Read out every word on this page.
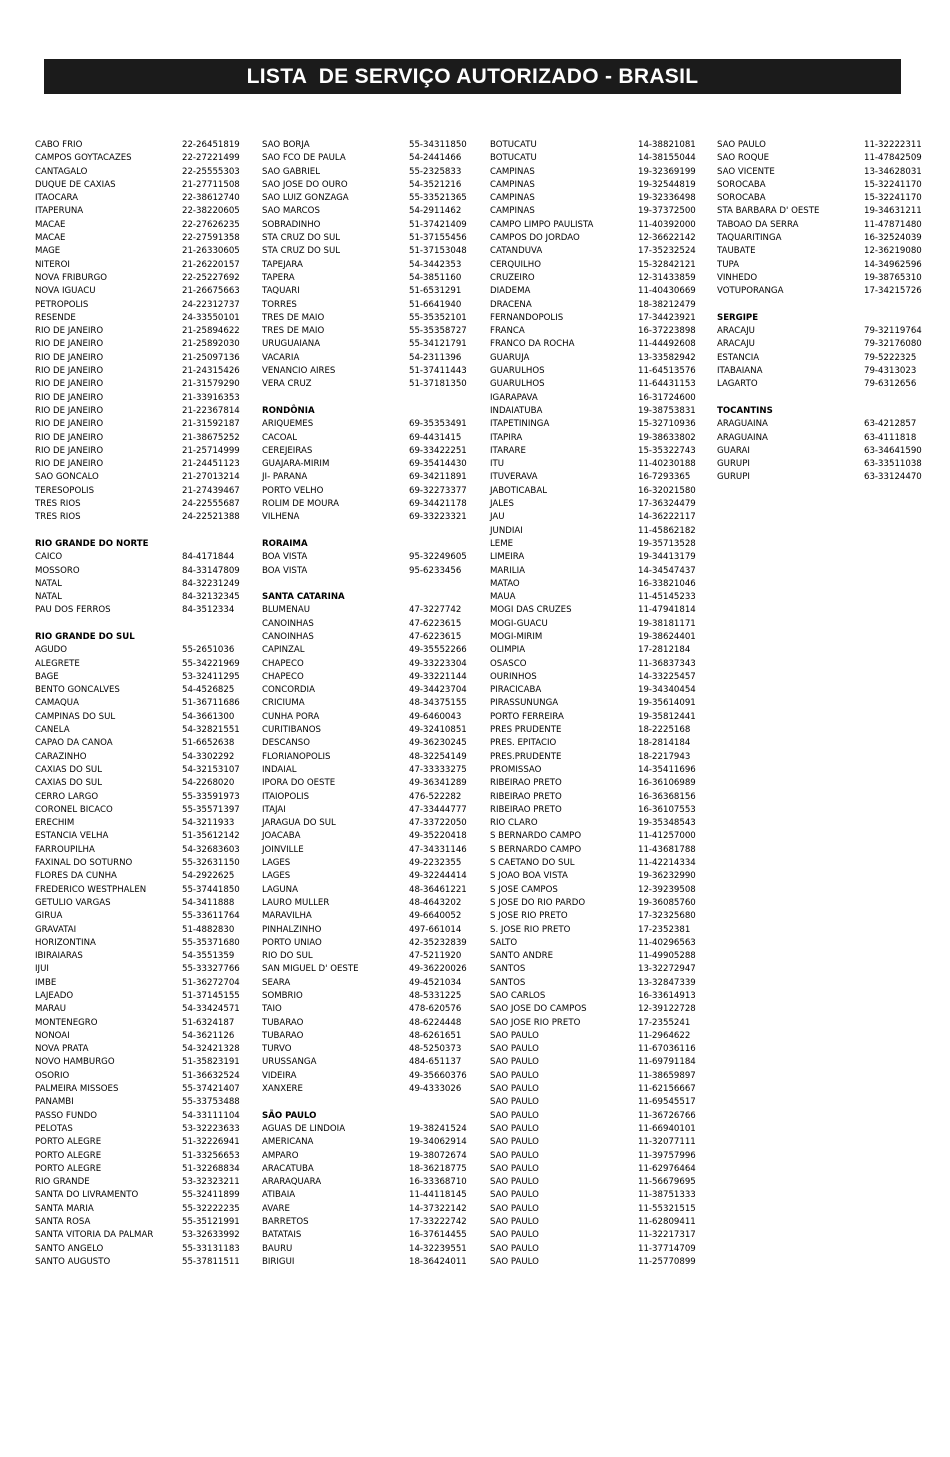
LISTA  DE SERVIÇO AUTORIZADO - BRASIL
CABO FRIO	22-26451819
CAMPOS GOYTACAZES	22-27221499
CANTAGALO	22-25555303
DUQUE DE CAXIAS	21-27711508
ITAOCARA	22-38612740
ITAPERUNA	22-38220605
MACAE	22-27626235
MACAE	22-27591358
MAGE	21-26330605
NITEROI	21-26220157
NOVA FRIBURGO	22-25227692
NOVA IGUACU	21-26675663
PETROPOLIS	24-22312737
RESENDE	24-33550101
RIO DE JANEIRO	21-25894622
RIO DE JANEIRO	21-25892030
RIO DE JANEIRO	21-25097136
RIO DE JANEIRO	21-24315426
RIO DE JANEIRO	21-31579290
RIO DE JANEIRO	21-33916353
RIO DE JANEIRO	21-22367814
RIO DE JANEIRO	21-31592187
RIO DE JANEIRO	21-38675252
RIO DE JANEIRO	21-25714999
RIO DE JANEIRO	21-24451123
SAO GONCALO	21-27013214
TERESOPOLIS	21-27439467
TRES RIOS	24-22555687
TRES RIOS	24-22521388
RIO GRANDE DO NORTE
CAICO	84-4171844
MOSSORO	84-33147809
NATAL	84-32231249
NATAL	84-32132345
PAU DOS FERROS	84-3512334
RIO GRANDE DO SUL
AGUDO	55-2651036
ALEGRETE	55-34221969
BAGE	53-32411295
BENTO GONCALVES	54-4526825
CAMAQUA	51-36711686
CAMPINAS DO SUL	54-3661300
CANELA	54-32821551
CAPAO DA CANOA	51-6652638
CARAZINHO	54-3302292
CAXIAS DO SUL	54-32153107
CAXIAS DO SUL	54-2268020
CERRO LARGO	55-33591973
CORONEL BICACO	55-35571397
ERECHIM	54-3211933
ESTANCIA VELHA	51-35612142
FARROUPILHA	54-32683603
FAXINAL DO SOTURNO	55-32631150
FLORES DA CUNHA	54-2922625
FREDERICO WESTPHALEN	55-37441850
GETULIO VARGAS	54-3411888
GIRUA	55-33611764
GRAVATAI	51-4882830
HORIZONTINA	55-35371680
IBIRAIARAS	54-3551359
IJUI	55-33327766
IMBE	51-36272704
LAJEADO	51-37145155
MARAU	54-33424571
MONTENEGRO	51-6324187
NONOAI	54-3621126
NOVA PRATA	54-32421328
NOVO HAMBURGO	51-35823191
OSORIO	51-36632524
PALMEIRA MISSOES	55-37421407
PANAMBI	55-33753488
PASSO FUNDO	54-33111104
PELOTAS	53-32223633
PORTO ALEGRE	51-32226941
PORTO ALEGRE	51-33256653
PORTO ALEGRE	51-32268834
RIO GRANDE	53-32323211
SANTA DO LIVRAMENTO	55-32411899
SANTA MARIA	55-32222235
SANTA ROSA	55-35121991
SANTA VITORIA DA PALMAR	53-32633992
SANTO ANGELO	55-33131183
SANTO AUGUSTO	55-37811511
SAO BORJA	55-34311850
SAO FCO DE PAULA	54-2441466
SAO GABRIEL	55-2325833
SAO JOSE DO OURO	54-3521216
SAO LUIZ GONZAGA	55-33521365
SAO MARCOS	54-2911462
SOBRADINHO	51-37421409
STA CRUZ DO SUL	51-37155456
STA CRUZ DO SUL	51-37153048
TAPEJARA	54-3442353
TAPERA	54-3851160
TAQUARI	51-6531291
TORRES	51-6641940
TRES DE MAIO	55-35352101
TRES DE MAIO	55-35358727
URUGUAIANA	55-34121791
VACARIA	54-2311396
VENANCIO AIRES	51-37411443
VERA CRUZ	51-37181350
RONDÔNIA
ARIQUEMES	69-35353491
CACOAL	69-4431415
CEREJEIRAS	69-33422251
GUAJARA-MIRIM	69-35414430
JI- PARANA	69-34211891
PORTO VELHO	69-32273377
ROLIM DE MOURA	69-34421178
VILHENA	69-33223321
RORAIMA
BOA VISTA	95-32249605
BOA VISTA	95-6233456
SANTA CATARINA
BLUMENAU	47-3227742
CANOINHAS	47-6223615
CANOINHAS	47-6223615
CAPINZAL	49-35552266
CHAPECO	49-33223304
CHAPECO	49-33221144
CONCORDIA	49-34423704
CRICIUMA	48-34375155
CUNHA PORA	49-6460043
CURITIBANOS	49-32410851
DESCANSO	49-36230245
FLORIANOPOLIS	48-32254149
INDAIAL	47-33333275
IPORA DO OESTE	49-36341289
ITAIOPOLIS	476-522282
ITAJAI	47-33444777
JARAGUA DO SUL	47-33722050
JOACABA	49-35220418
JOINVILLE	47-34331146
LAGES	49-2232355
LAGES	49-32244414
LAGUNA	48-36461221
LAURO MULLER	48-4643202
MARAVILHA	49-6640052
PINHALZINHO	497-661014
PORTO UNIAO	42-35232839
RIO DO SUL	47-5211920
SAN MIGUEL D' OESTE	49-36220026
SEARA	49-4521034
SOMBRIO	48-5331225
TAIO	478-620576
TUBARAO	48-6224448
TUBARAO	48-6261651
TURVO	48-5250373
URUSSANGA	484-651137
VIDEIRA	49-35660376
XANXERE	49-4333026
SÃO PAULO
AGUAS DE LINDOIA	19-38241524
AMERICANA	19-34062914
AMPARO	19-38072674
ARACATUBA	18-36218775
ARARAQUARA	16-33368710
ATIBAIA	11-44118145
AVARE	14-37322142
BARRETOS	17-33222742
BATATAIS	16-37614455
BAURU	14-32239551
BIRIGUI	18-36424011
BOTUCATU	14-38821081
BOTUCATU	14-38155044
CAMPINAS	19-32369199
CAMPINAS	19-32544819
CAMPINAS	19-32336498
CAMPINAS	19-37372500
CAMPO LIMPO PAULISTA	11-40392000
CAMPOS DO JORDAO	12-36622142
CATANDUVA	17-35232524
CERQUILHO	15-32842121
CRUZEIRO	12-31433859
DIADEMA	11-40430669
DRACENA	18-38212479
FERNANDOPOLIS	17-34423921
FRANCA	16-37223898
FRANCO DA ROCHA	11-44492608
GUARUJA	13-33582942
GUARULHOS	11-64513576
GUARULHOS	11-64431153
IGARAPAVA	16-31724600
INDAIATUBA	19-38753831
ITAPETININGA	15-32710936
ITAPIRA	19-38633802
ITARARE	15-35322743
ITU	11-40230188
ITUVERAVA	16-7293365
JABOTICABAL	16-32021580
JALES	17-36324479
JAU	14-36222117
JUNDIAI	11-45862182
LEME	19-35713528
LIMEIRA	19-34413179
MARILIA	14-34547437
MATAO	16-33821046
MAUA	11-45145233
MOGI DAS CRUZES	11-47941814
MOGI-GUACU	19-38181171
MOGI-MIRIM	19-38624401
OLIMPIA	17-2812184
OSASCO	11-36837343
OURINHOS	14-33225457
PIRACICABA	19-34340454
PIRASSUNUNGA	19-35614091
PORTO FERREIRA	19-35812441
PRES PRUDENTE	18-2225168
PRES. EPITACIO	18-2814184
PRES.PRUDENTE	18-2217943
PROMISSAO	14-35411696
RIBEIRAO PRETO	16-36106989
RIBEIRAO PRETO	16-36368156
RIBEIRAO PRETO	16-36107553
RIO CLARO	19-35348543
S BERNARDO CAMPO	11-41257000
S BERNARDO CAMPO	11-43681788
S CAETANO DO SUL	11-42214334
S JOAO BOA VISTA	19-36232990
S JOSE CAMPOS	12-39239508
S JOSE DO RIO PARDO	19-36085760
S JOSE RIO PRETO	17-32325680
S. JOSE RIO PRETO	17-2352381
SALTO	11-40296563
SANTO ANDRE	11-49905288
SANTOS	13-32272947
SANTOS	13-32847339
SAO CARLOS	16-33614913
SAO JOSE DO CAMPOS	12-39122728
SAO JOSE RIO PRETO	17-2355241
SAO PAULO	11-2964622
SAO PAULO	11-67036116
SAO PAULO	11-69791184
SAO PAULO	11-38659897
SAO PAULO	11-62156667
SAO PAULO	11-69545517
SAO PAULO	11-36726766
SAO PAULO	11-66940101
SAO PAULO	11-32077111
SAO PAULO	11-39757996
SAO PAULO	11-62976464
SAO PAULO	11-56679695
SAO PAULO	11-38751333
SAO PAULO	11-55321515
SAO PAULO	11-62809411
SAO PAULO	11-32217317
SAO PAULO	11-37714709
SAO PAULO	11-25770899
SAO PAULO	11-32222311
SAO ROQUE	11-47842509
SAO VICENTE	13-34628031
SOROCABA	15-32241170
SOROCABA	15-32241170
STA BARBARA D' OESTE	19-34631211
TABOAO DA SERRA	11-47871480
TAQUARITINGA	16-32524039
TAUBATE	12-36219080
TUPA	14-34962596
VINHEDO	19-38765310
VOTUPORANGA	17-34215726
SERGIPE
ARACAJU	79-32119764
ARACAJU	79-32176080
ESTANCIA	79-5222325
ITABAIANA	79-4313023
LAGARTO	79-6312656
TOCANTINS
ARAGUAINA	63-4212857
ARAGUAINA	63-4111818
GUARAI	63-34641590
GURUPI	63-33511038
GURUPI	63-33124470
